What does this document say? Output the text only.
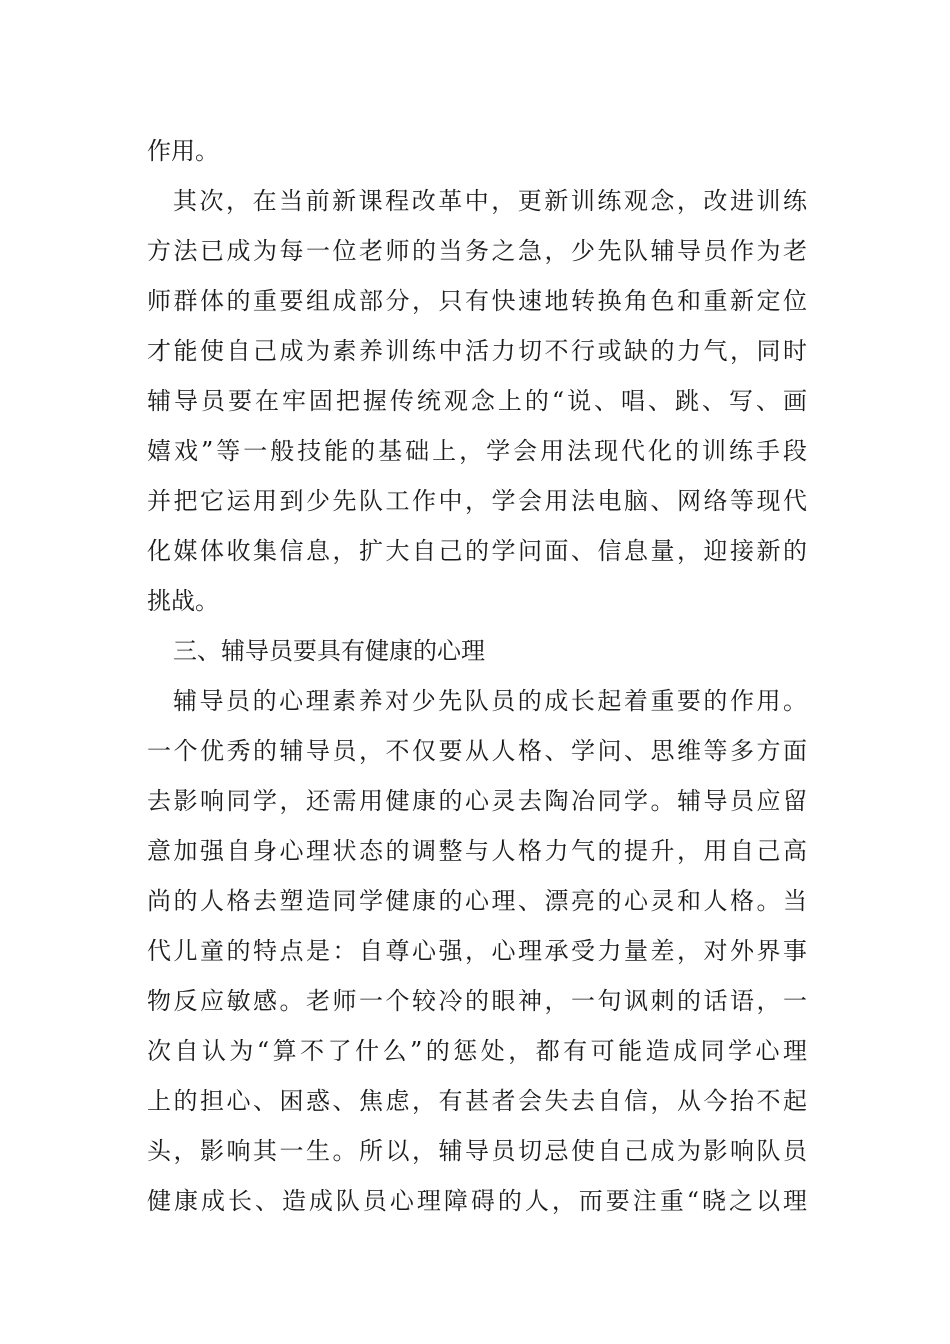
作用。
其次，在当前新课程改革中，更新训练观念，改进训练
方法已成为每一位老师的当务之急，少先队辅导员作为老
师群体的重要组成部分，只有快速地转换角色和重新定位
才能使自己成为素养训练中活力切不行或缺的力气，同时
辅导员要在牢固把握传统观念上的“说、唱、跳、写、画
嬉戏”等一般技能的基础上，学会用法现代化的训练手段
并把它运用到少先队工作中，学会用法电脑、网络等现代
化媒体收集信息，扩大自己的学问面、信息量，迎接新的
挑战。
三、辅导员要具有健康的心理
辅导员的心理素养对少先队员的成长起着重要的作用。
一个优秀的辅导员，不仅要从人格、学问、思维等多方面
去影响同学，还需用健康的心灵去陶冶同学。辅导员应留
意加强自身心理状态的调整与人格力气的提升，用自己高
尚的人格去塑造同学健康的心理、漂亮的心灵和人格。当
代儿童的特点是：自尊心强，心理承受力量差，对外界事
物反应敏感。老师一个较冷的眼神，一句讽刺的话语，一
次自认为“算不了什么”的惩处，都有可能造成同学心理
上的担心、困惑、焦虑，有甚者会失去自信，从今抬不起
头，影响其一生。所以，辅导员切忌使自己成为影响队员
健康成长、造成队员心理障碍的人，而要注重“晓之以理
